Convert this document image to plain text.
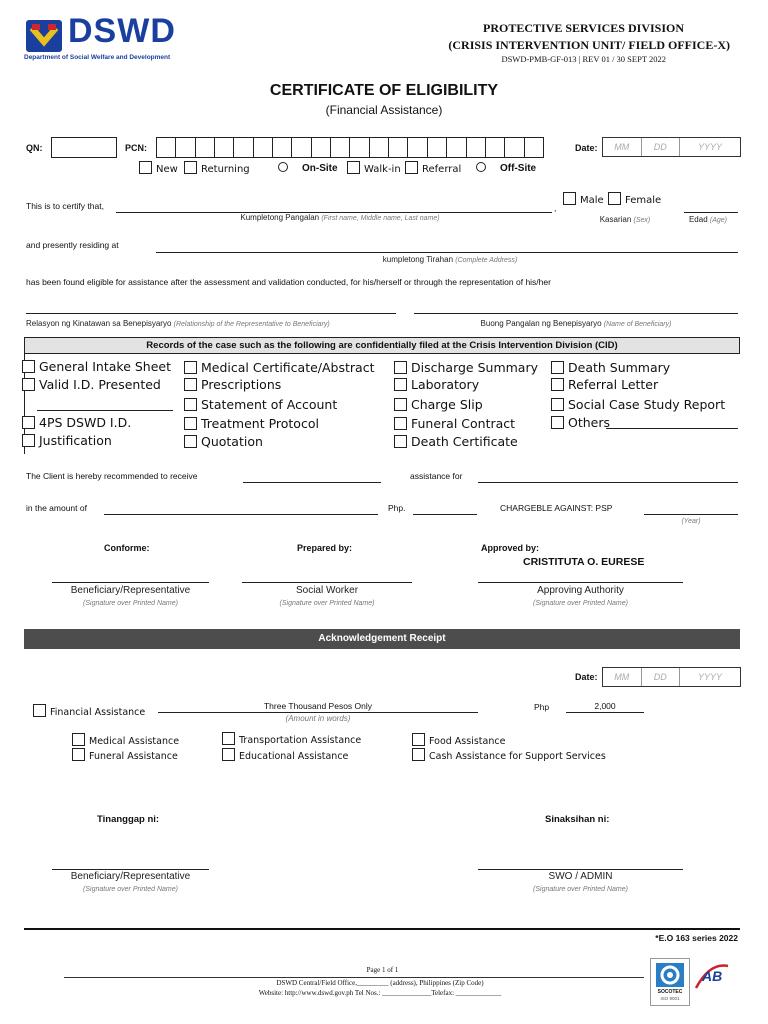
DSWD
Department of Social Welfare and Development
PROTECTIVE SERVICES DIVISION
(CRISIS INTERVENTION UNIT/ FIELD OFFICE-X)
DSWD-PMB-GF-013 | REV 01 / 30 SEPT 2022
CERTIFICATE OF ELIGIBILITY
(Financial Assistance)
QN:	PCN:	Date:	MM	DD	YYYY
New	Returning	On-Site	Walk-in	Referral	Off-Site
This is to certify that,	,
Male	Female
Kumpletong Pangalan (First name, Middle name, Last name)	Kasarian (Sex)	Edad (Age)
and presently residing at
kumpletong Tirahan (Complete Address)
has been found eligible for assistance after the assessment and validation conducted, for his/herself or through the representation of his/her
Relasyon ng Kinatawan sa Benepisyaryo (Relationship of the Representative to Beneficiary)	Buong Pangalan ng Benepisyaryo (Name of Beneficiary)
Records of the case such as the following are confidentially filed at the Crisis Intervention Division (CID)
General Intake Sheet
Valid I.D. Presented
4PS DSWD I.D.
Justification
Medical Certificate/Abstract
Prescriptions
Statement of Account
Treatment Protocol
Quotation
Discharge Summary
Laboratory
Charge Slip
Funeral Contract
Death Certificate
Death Summary
Referral Letter
Social Case Study Report
Others
The Client is hereby recommended to receive	assistance for
in the amount of	Php.	CHARGEBLE AGAINST: PSP
(Year)
Conforme:	Prepared by:	Approved by:
CRISTITUTA O. EURESE
Beneficiary/Representative
(Signature over Printed Name)
Social Worker
(Signature over Printed Name)
Approving Authority
(Signature over Printed Name)
Acknowledgement Receipt
Date:	MM	DD	YYYY
Financial Assistance
Three Thousand Pesos Only
(Amount in words)
Php	2,000
Medical Assistance
Funeral Assistance
Transportation Assistance
Educational Assistance
Food Assistance
Cash Assistance for Support Services
Tinanggap ni:	Sinaksihan ni:
Beneficiary/Representative
(Signature over Printed Name)
SWO / ADMIN
(Signature over Printed Name)
*E.O 163 series 2022
Page 1 of 1
DSWD Central/Field Office,_________ (address), Philippines (Zip Code)
Website: http://www.dswd.gov.ph Tel Nos.: ______________Telefax: _____________	SOCOTEC
ISO 9001
AB
